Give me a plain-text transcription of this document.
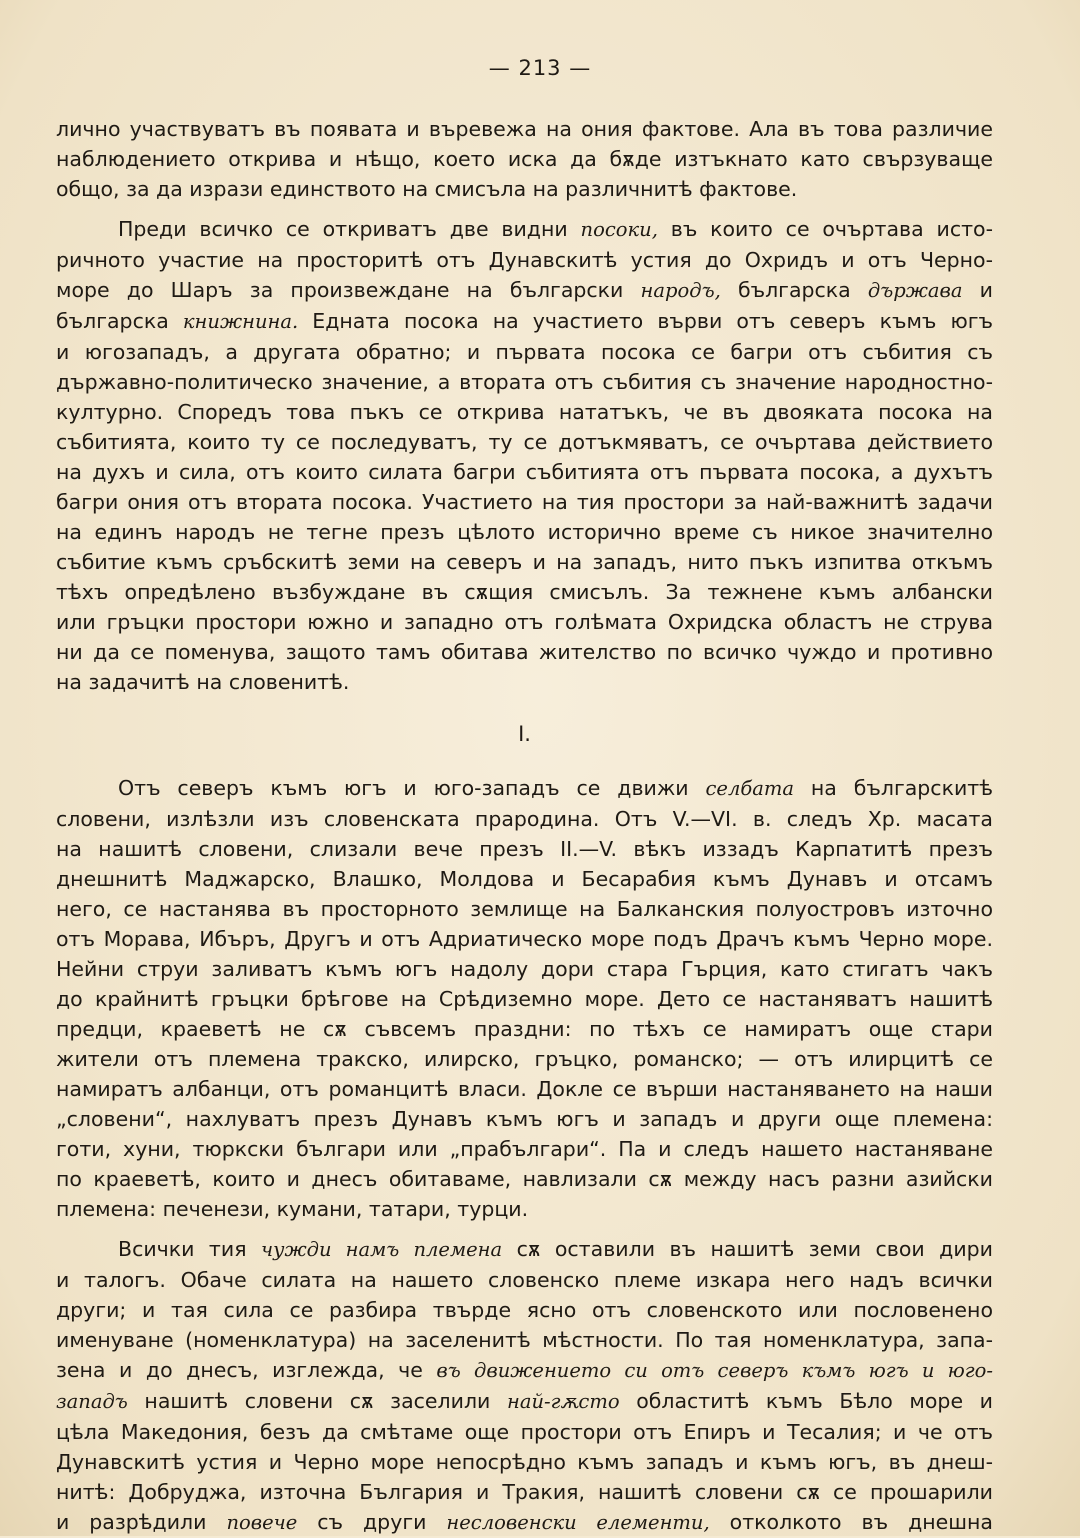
— 213 —
лично участвуватъ въ появата и въревежа на ония фактове. Ала въ това различие
наблюдението открива и нѣщо, което иска да бѫде изтъкнато като свързуваще
общо, за да изрази единството на смисъла на различнитѣ фактове.
Преди всичко се откриватъ две видни посоки, въ които се очъртава исто-
ричното участие на просторитѣ отъ Дунавскитѣ устия до Охридъ и отъ Черно-
море до Шаръ за произвеждане на български народъ, българска държава и
българска книжнина. Едната посока на участието върви отъ северъ къмъ югъ
и югозападъ, а другата обратно; и първата посока се багри отъ събития съ
държавно-политическо значение, а втората отъ събития съ значение народностно-
културно. Споредъ това пъкъ се открива нататъкъ, че въ двояката посока на
събитията, които ту се последуватъ, ту се дотъкмяватъ, се очъртава действието
на духъ и сила, отъ които силата багри събитията отъ първата посока, а духътъ
багри ония отъ втората посока. Участието на тия простори за най-важнитѣ задачи
на единъ народъ не тегне презъ цѣлото исторично време съ никое значително
събитие къмъ сръбскитѣ земи на северъ и на западъ, нито пъкъ изпитва откъмъ
тѣхъ опредѣлено възбуждане въ сѫщия смисълъ. За тежнене къмъ албански
или гръцки простори южно и западно отъ голѣмата Охридска областъ не струва
ни да се поменува, защото тамъ обитава жителство по всичко чуждо и противно
на задачитѣ на словенитѣ.
I.
Отъ северъ къмъ югъ и юго-западъ се движи селбата на българскитѣ
словени, излѣзли изъ словенската прародина. Отъ V.—VI. в. следъ Хр. масата
на нашитѣ словени, слизали вече презъ II.—V. вѣкъ иззадъ Карпатитѣ презъ
днешнитѣ Маджарско, Влашко, Молдова и Бесарабия къмъ Дунавъ и отсамъ
него, се настанява въ просторното землище на Балканския полуостровъ източно
отъ Морава, Ибъръ, Другъ и отъ Адриатическо море подъ Драчъ къмъ Черно море.
Нейни струи заливатъ къмъ югъ надолу дори стара Гърция, като стигатъ чакъ
до крайнитѣ гръцки брѣгове на Срѣдиземно море. Дето се настаняватъ нашитѣ
предци, краеветѣ не сѫ съвсемъ праздни: по тѣхъ се намиратъ още стари
жители отъ племена тракско, илирско, гръцко, романско; — отъ илирцитѣ се
намиратъ албанци, отъ романцитѣ власи. Докле се върши настаняването на наши
„словени“, нахлуватъ презъ Дунавъ къмъ югъ и западъ и други още племена:
готи, хуни, тюркски българи или „прабългари“. Па и следъ нашето настаняване
по краеветѣ, които и днесъ обитаваме, навлизали сѫ между насъ разни азийски
племена: печенези, кумани, татари, турци.
Всички тия чужди намъ племена сѫ оставили въ нашитѣ земи свои дири
и талогъ. Обаче силата на нашето словенско племе изкара него надъ всички
други; и тая сила се разбира твърде ясно отъ словенското или пословенено
именуване (номенклатура) на заселенитѣ мѣстности. По тая номенклатура, запа-
зена и до днесъ, изглежда, че въ движението си отъ северъ къмъ югъ и юго-
западъ нашитѣ словени сѫ заселили най-гѫсто областитѣ къмъ Бѣло море и
цѣла Македония, безъ да смѣтаме още простори отъ Епиръ и Тесалия; и че отъ
Дунавскитѣ устия и Черно море непосрѣдно къмъ западъ и къмъ югъ, въ днеш-
нитѣ: Добруджа, източна България и Тракия, нашитѣ словени сѫ се прошарили
и разрѣдили повече съ други несловенски елементи, отколкото въ днешна
